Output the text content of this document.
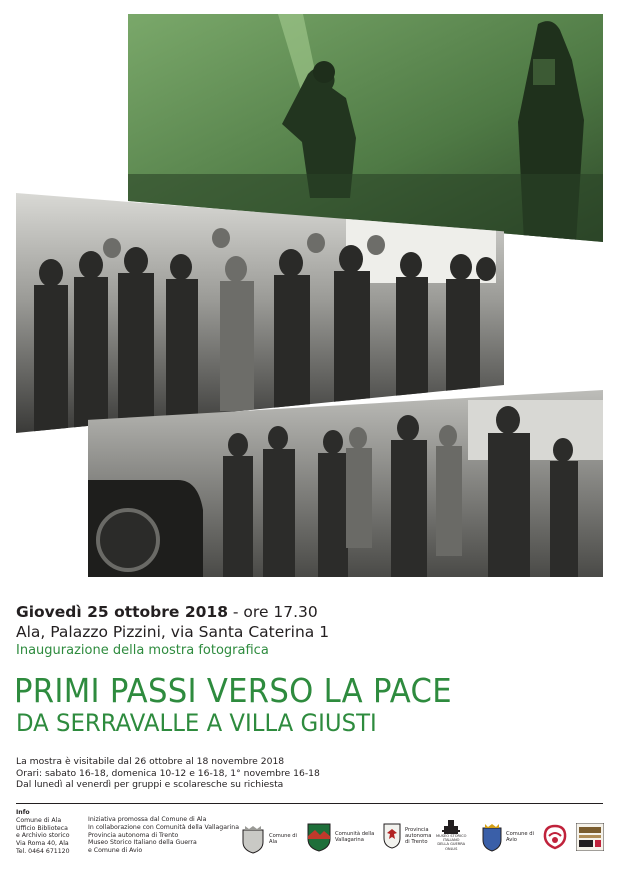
Giovedì 25 ottobre 2018 - ore 17.30
Ala, Palazzo Pizzini, via Santa Caterina 1
Inaugurazione della mostra fotografica
PRIMI PASSI VERSO LA PACE
DA SERRAVALLE A VILLA GIUSTI
La mostra è visitabile dal 26 ottobre al 18 novembre 2018
Orari: sabato 16-18, domenica 10-12 e 16-18, 1° novembre 16-18
Dal lunedì al venerdì per gruppi e scolaresche su richiesta
Info
Comune di Ala
Ufficio Biblioteca
e Archivio storico
Via Roma 40, Ala
Tel. 0464 671120
Iniziativa promossa dal Comune di Ala
In collaborazione con Comunità della Vallagarina
Provincia autonoma di Trento
Museo Storico Italiano della Guerra
e Comune di Avio
Comune di
Ala
Comunità della
Vallagarina
Provincia
autonoma
di Trento
MUSEO STORICO
ITALIANO
DELLA GUERRA
ONLUS
Comune di
Avio
